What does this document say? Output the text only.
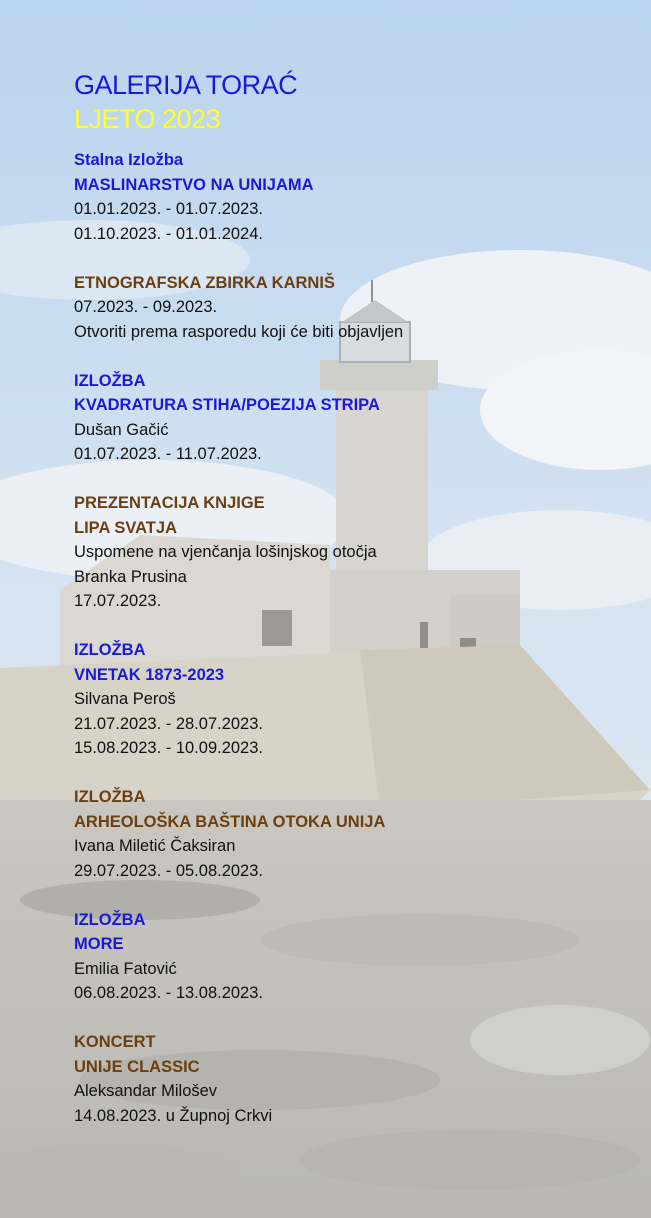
GALERIJA TORAĆ
LJETO 2023
Stalna Izložba
MASLINARSTVO NA UNIJAMA
01.01.2023. - 01.07.2023.
01.10.2023. - 01.01.2024.
ETNOGRAFSKA ZBIRKA KARNIŠ
07.2023. - 09.2023.
Otvoriti prema rasporedu koji će biti objavljen
IZLOŽBA
KVADRATURA STIHA/POEZIJA STRIPA
Dušan Gačić
01.07.2023. - 11.07.2023.
PREZENTACIJA KNJIGE
LIPA SVATJA
Uspomene na vjenčanja lošinjskog otočja
Branka Prusina
17.07.2023.
IZLOŽBA
VNETAK 1873-2023
Silvana Peroš
21.07.2023. - 28.07.2023.
15.08.2023. - 10.09.2023.
IZLOŽBA
ARHEOLOŠKA BAŠTINA OTOKA UNIJA
Ivana Miletić Čaksiran
29.07.2023. - 05.08.2023.
IZLOŽBA
MORE
Emilia Fatović
06.08.2023. - 13.08.2023.
KONCERT
UNIJE CLASSIC
Aleksandar Milošev
14.08.2023. u Župnoj Crkvi
